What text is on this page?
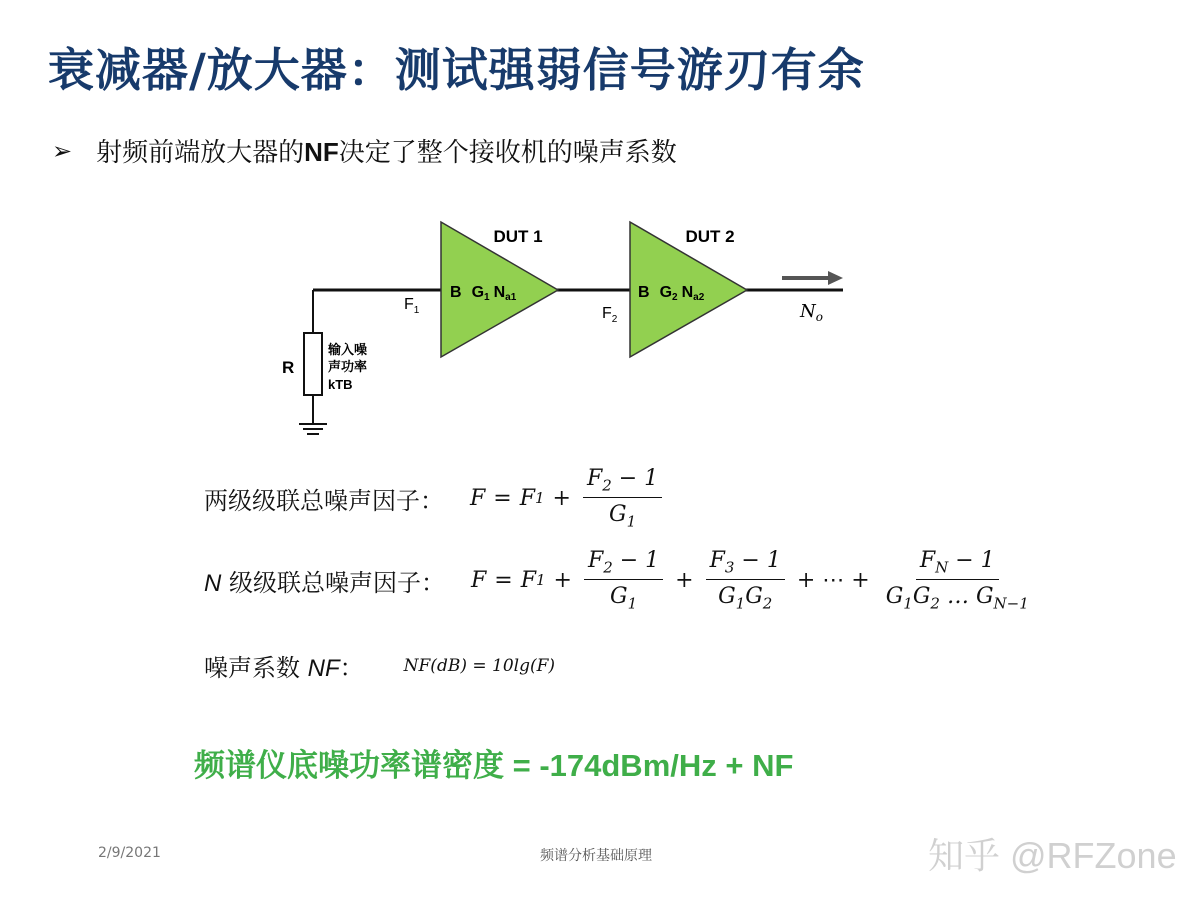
衰减器/放大器：测试强弱信号游刃有余
➢ 射频前端放大器的NF决定了整个接收机的噪声系数
R
输入噪
声功率
kTB
DUT 1
B G1 Na1
$F_1$
DUT 2
B G2 Na2
$F_2$	$N_o$
两级级联总噪声因子： F = F $1 + \frac{F_2 - 1}{G_1}$
N 级级联总噪声因子： F = F $1 + \frac{F_2 - 1}{G_1} + \frac{F_3 - 1}{G_1G_2}$ + ⋯ + $\frac{F_N - 1}{G_1G_2 \dots G_{N-1}}$
噪声系数 NF： NF(dB) = 10lg(F)
频谱仪底噪功率谱密度 = -174dBm/Hz + NF
2/9/2021	频谱分析基础原理	知乎 @RFZone
